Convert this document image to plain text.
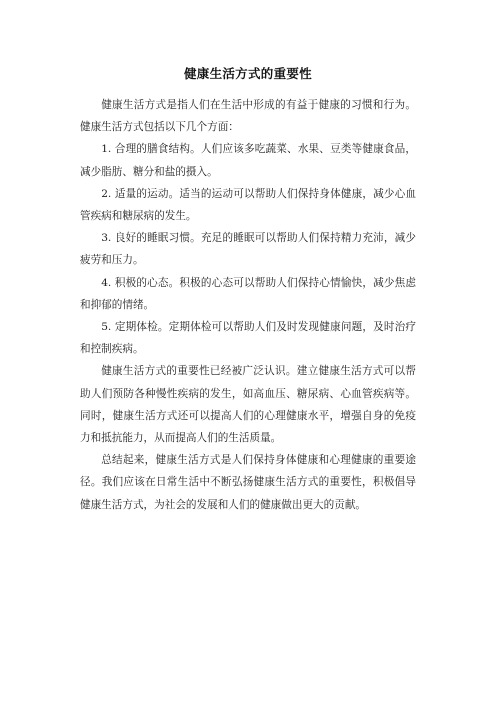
健康生活方式的重要性

健康生活方式是指人们在生活中形成的有益于健康的习惯和行为。健康生活方式包括以下几个方面：

1. 合理的膳食结构。人们应该多吃蔬菜、水果、豆类等健康食品，减少脂肪、糖分和盐的摄入。

2. 适量的运动。适当的运动可以帮助人们保持身体健康，减少心血管疾病和糖尿病的发生。

3. 良好的睡眠习惯。充足的睡眠可以帮助人们保持精力充沛，减少疲劳和压力。

4. 积极的心态。积极的心态可以帮助人们保持心情愉快，减少焦虑和抑郁的情绪。

5. 定期体检。定期体检可以帮助人们及时发现健康问题，及时治疗和控制疾病。

健康生活方式的重要性已经被广泛认识。建立健康生活方式可以帮助人们预防各种慢性疾病的发生，如高血压、糖尿病、心血管疾病等。同时，健康生活方式还可以提高人们的心理健康水平，增强自身的免疫力和抵抗能力，从而提高人们的生活质量。

总结起来，健康生活方式是人们保持身体健康和心理健康的重要途径。我们应该在日常生活中不断弘扬健康生活方式的重要性，积极倡导健康生活方式，为社会的发展和人们的健康做出更大的贡献。
